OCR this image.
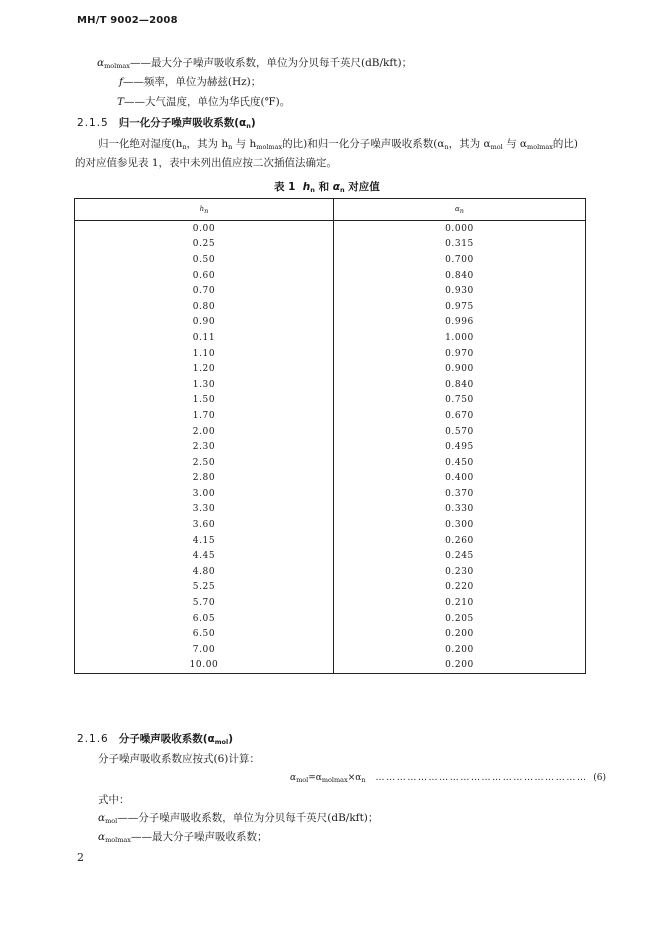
MH/T 9002—2008
$\alpha_{molmax}——$最大分子噪声吸收系数，单位为分贝每千英尺(dB/kft)；
f——频率，单位为赫兹(Hz)；
T——大气温度，单位为华氏度(℉)。
2.1.5 归一化分子噪声吸收系数$(\alpha_n)$
归一化绝对湿度($h_n$，其为 $h_n$ 与 $h_{molmax}$的比)和归一化分子噪声吸收系数($\alpha_n$，其为 $\alpha_{mol}$ 与 $\alpha_{molmax}$的比)
的对应值参见表 1，表中未列出值应按二次插值法确定。
表 1 $h_n$ 和 $\alpha_n$ 对应值
$h_n$	$\alpha_n$
0.00	0.000
0.25	0.315
0.50	0.700
0.60	0.840
0.70	0.930
0.80	0.975
0.90	0.996
0.11	1.000
1.10	0.970
1.20	0.900
1.30	0.840
1.50	0.750
1.70	0.670
2.00	0.570
2.30	0.495
2.50	0.450
2.80	0.400
3.00	0.370
3.30	0.330
3.60	0.300
4.15	0.260
4.45	0.245
4.80	0.230
5.25	0.220
5.70	0.210
6.05	0.205
6.50	0.200
7.00	0.200
10.00	0.200
2.1.6 分子噪声吸收系数$(\alpha_{mol})$
分子噪声吸收系数应按式(6)计算：
$\alpha_{mol}=\alpha_{molmax}\times\alpha_n$ …………………………………………………… (6)
式中：
$\alpha_{mol}——$分子噪声吸收系数，单位为分贝每千英尺(dB/kft)；
$\alpha_{molmax}——$最大分子噪声吸收系数；
2
